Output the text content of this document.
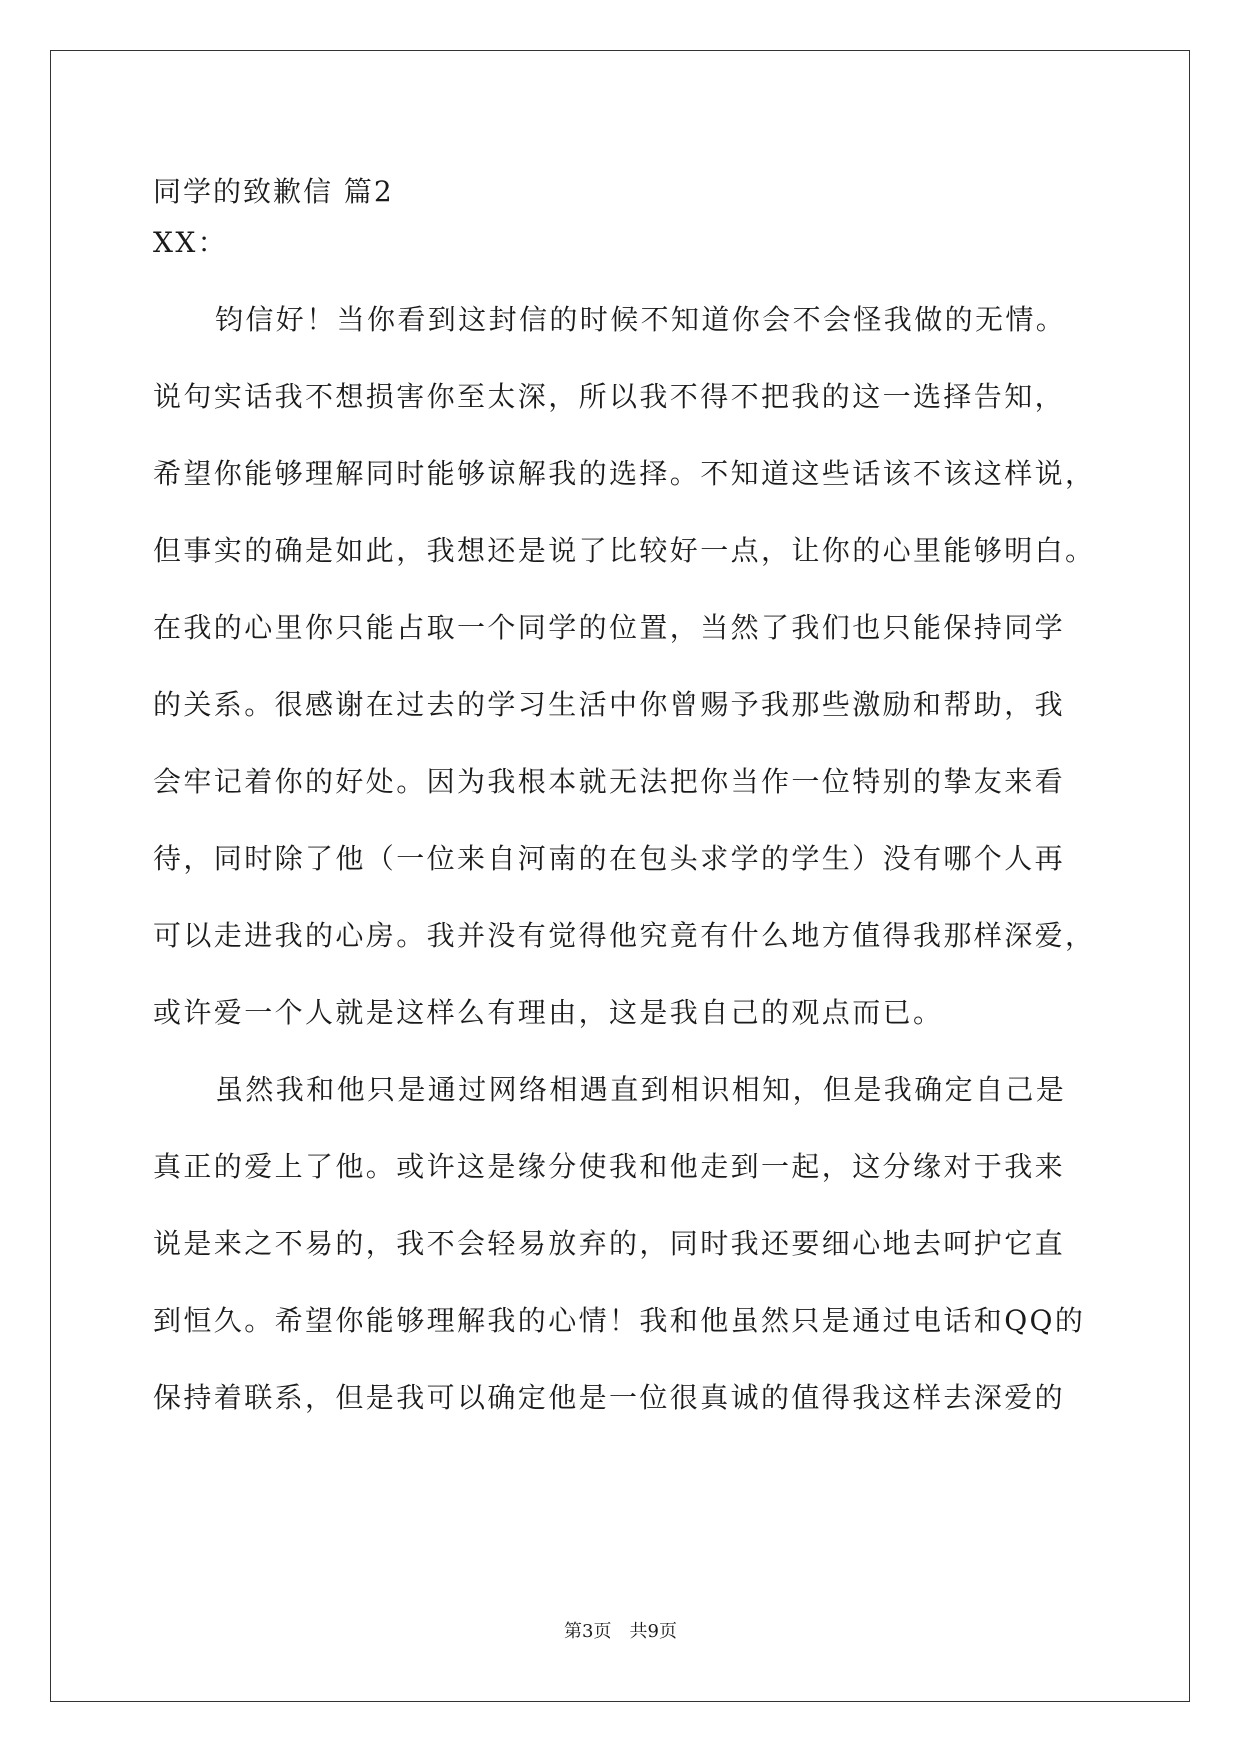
同学的致歉信 篇2
XX：
钧信好！当你看到这封信的时候不知道你会不会怪我做的无情。
说句实话我不想损害你至太深，所以我不得不把我的这一选择告知，
希望你能够理解同时能够谅解我的选择。不知道这些话该不该这样说，
但事实的确是如此，我想还是说了比较好一点，让你的心里能够明白。
在我的心里你只能占取一个同学的位置，当然了我们也只能保持同学
的关系。很感谢在过去的学习生活中你曾赐予我那些激励和帮助，我
会牢记着你的好处。因为我根本就无法把你当作一位特别的挚友来看
待，同时除了他（一位来自河南的在包头求学的学生）没有哪个人再
可以走进我的心房。我并没有觉得他究竟有什么地方值得我那样深爱，
或许爱一个人就是这样么有理由，这是我自己的观点而已。
虽然我和他只是通过网络相遇直到相识相知，但是我确定自己是
真正的爱上了他。或许这是缘分使我和他走到一起，这分缘对于我来
说是来之不易的，我不会轻易放弃的，同时我还要细心地去呵护它直
到恒久。希望你能够理解我的心情！我和他虽然只是通过电话和QQ的
保持着联系，但是我可以确定他是一位很真诚的值得我这样去深爱的
第3页 共9页
